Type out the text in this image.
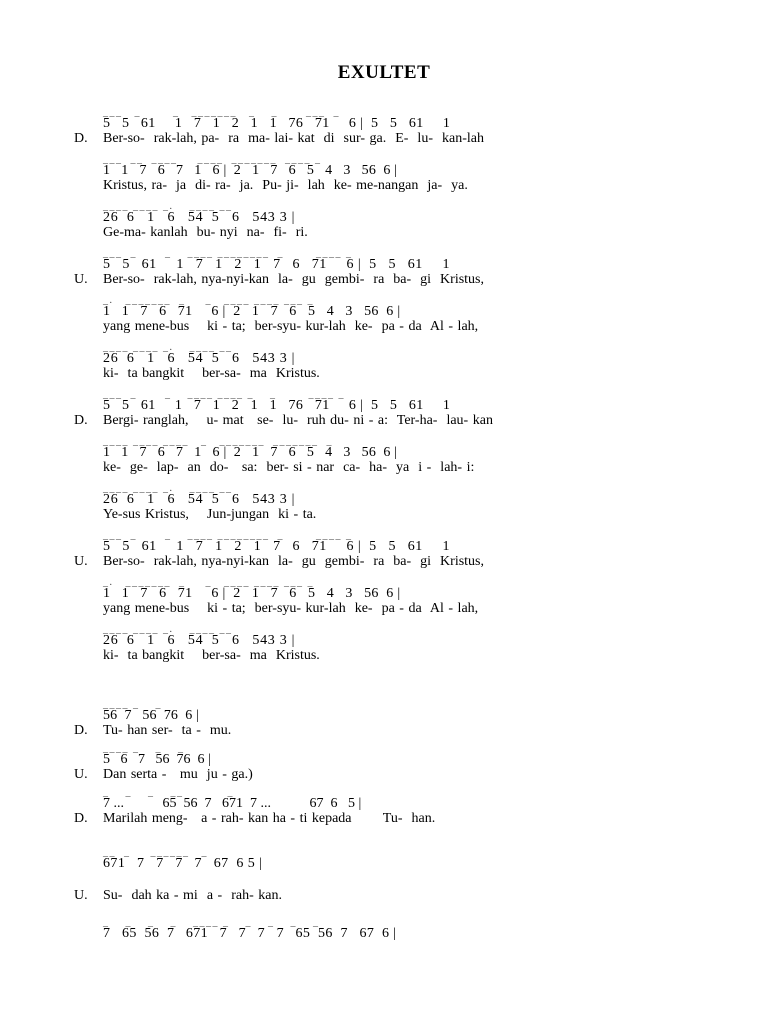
EXULTET
___   _        _   _______   _    _       ___  _
5   5   61     1   7   1   2   1   1   76   71     6 |  5   5   61     1
D. Ber-so-  rak-lah, pa-  ra  ma- lai- kat  di  sur- ga.  E-  lu-  kan-lah
___  __  ____     ____  _______  ____ _
1   1   7   6   7   1   6 |  2   1   7   6   5   4   3   56  6 |
Kristus, ra-  ja  di- ra-  ja.  Pu- ji-  lah  ke- me-nangan  ja-  ya.
____ ____ _.    ____ __
26  6   1   6   54  5   6   543 3 |
Ge-ma- kanlah  bu- nyi  na-  fi-  ri.
___  _       _    ____ ________  _        ____ _
5   5   61     1   7   1   2   1   7   6   71     6 |  5   5   61     1
U. Ber-so-  rak-lah, nya-nyi-kan  la-  gu  gembi-  ra  ba-  gi  Kristus,
_.   _______  _     _   ____ ____ ___ _
1   1   7   6   71     6 |  2   1   7   6   5   4   3   56  6 |
yang mene-bus    ki - ta;  ber-syu- kur-lah  ke-  pa - da  Al - lah,
____ ____ _.    ____ __
26  6   1   6   54  5   6   543 3 |
ki-  ta bangkit    ber-sa-  ma  Kristus.
___  _       _    ____ ____ _    _        ____ _
5   5   61     1   7   1   2   1   1   76   71     6 |  5   5   61     1
D. Bergi- ranglah,    u- mat   se-  lu-  ruh du- ni - a:  Ter-ha-  lau- kan
____ ____ ____   _   _______  _______  _
1   1   7   6   7   1   6 |  2   1   7   6   5   4   3   56  6 |
ke-  ge-  lap-  an  do-   sa:  ber- si - nar  ca-  ha-  ya  i -  lah- i:
____ ____ _.    ____ __
26  6   1   6   54  5   6   543 3 |
Ye-sus Kristus,    Jun-jungan  ki - ta.
___  _       _    ____ ________  _        ____ _
5   5   61     1   7   1   2   1   7   6   71     6 |  5   5   61     1
U. Ber-so-  rak-lah, nya-nyi-kan  la-  gu  gembi-  ra  ba-  gi  Kristus,
_.   _______  _     _   ____ ____ ___ _
1   1   7   6   71     6 |  2   1   7   6   5   4   3   56  6 |
yang mene-bus    ki - ta;  ber-syu- kur-lah  ke-  pa - da  Al - lah,
____ ____ _.    ____ __
26  6   1   6   54  5   6   543 3 |
ki-  ta bangkit    ber-sa-  ma  Kristus.
____ _    _
56  7   56  76  6 |
D. Tu- han ser-  ta -  mu.
____ _    _    _
5   6   7   56  76  6 |
U. Dan serta -   mu  ju - ga.)
_    _    _    __           _
7 ...           65  56  7   671  7 ...           67  6   5 |
D. Marilah meng-   a - rah- kan ha - ti kepada       Tu-  han.
__  _     ______   _
671   7   7   7   7   67  6 5 |
U. Su-  dah ka - mi  a -  rah- kan.
_    _    _    _    ____ _    _    _    _    _
7   65  56  7   671   7   7   7   7   65  56  7   67  6 |
